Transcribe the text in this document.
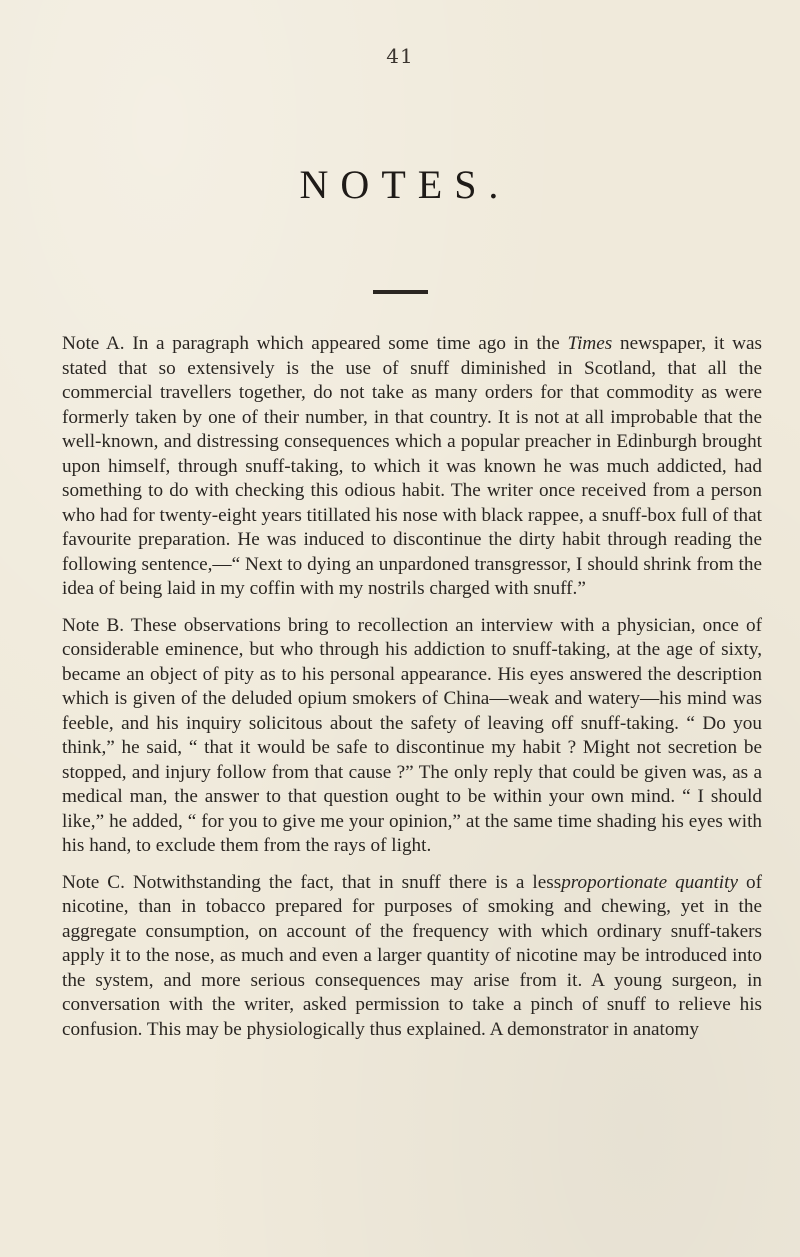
41
NOTES.

Note A. In a paragraph which appeared some time ago in the Times newspaper, it was stated that so extensively is the use of snuff diminished in Scotland, that all the commercial travellers together, do not take as many orders for that commodity as were formerly taken by one of their number, in that country. It is not at all improbable that the well-known, and distressing consequences which a popular preacher in Edinburgh brought upon himself, through snuff-taking, to which it was known he was much addicted, had something to do with checking this odious habit. The writer once received from a person who had for twenty-eight years titillated his nose with black rappee, a snuff-box full of that favourite preparation. He was induced to discontinue the dirty habit through reading the following sentence,—“ Next to dying an unpardoned transgressor, I should shrink from the idea of being laid in my coffin with my nostrils charged with snuff.”

Note B. These observations bring to recollection an interview with a physician, once of considerable eminence, but who through his addiction to snuff-taking, at the age of sixty, became an object of pity as to his personal appearance. His eyes answered the description which is given of the deluded opium smokers of China—weak and watery—his mind was feeble, and his inquiry solicitous about the safety of leaving off snuff-taking. “ Do you think,” he said, “ that it would be safe to discontinue my habit ? Might not secretion be stopped, and injury follow from that cause ?” The only reply that could be given was, as a medical man, the answer to that question ought to be within your own mind. “ I should like,” he added, “ for you to give me your opinion,” at the same time shading his eyes with his hand, to exclude them from the rays of light.

Note C. Notwithstanding the fact, that in snuff there is a lessproportionate quantity of nicotine, than in tobacco prepared for purposes of smoking and chewing, yet in the aggregate consumption, on account of the frequency with which ordinary snuff-takers apply it to the nose, as much and even a larger quantity of nicotine may be introduced into the system, and more serious consequences may arise from it. A young surgeon, in conversation with the writer, asked permission to take a pinch of snuff to relieve his confusion. This may be physiologically thus explained. A demonstrator in anatomy
